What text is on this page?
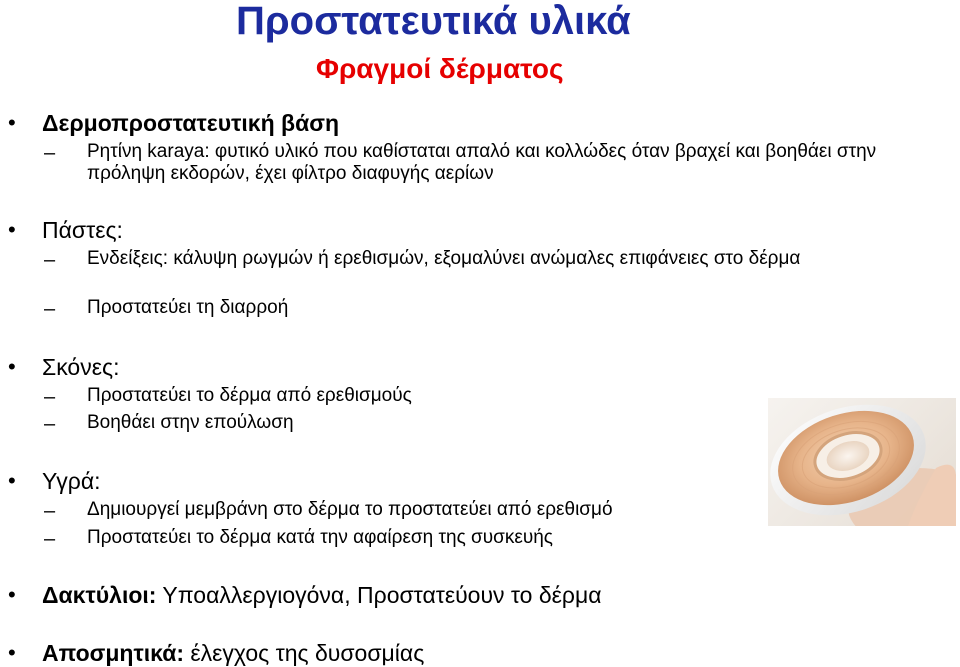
Προστατευτικά υλικά
Φραγμοί δέρματος
• Δερμοπροστατευτική βάση
– Ρητίνη karaya: φυτικό υλικό που καθίσταται απαλό και κολλώδες όταν βραχεί και βοηθάει στην πρόληψη εκδορών, έχει φίλτρο διαφυγής αερίων
• Πάστες:
– Ενδείξεις: κάλυψη ρωγμών ή ερεθισμών, εξομαλύνει ανώμαλες επιφάνειες στο δέρμα
– Προστατεύει τη διαρροή
• Σκόνες:
– Προστατεύει το δέρμα από ερεθισμούς
– Βοηθάει στην επούλωση
• Υγρά:
– Δημιουργεί μεμβράνη στο δέρμα το προστατεύει από ερεθισμό
– Προστατεύει το δέρμα κατά την αφαίρεση της συσκευής
• Δακτύλιοι: Υποαλλεργιογόνα, Προστατεύουν το δέρμα
• Αποσμητικά: έλεγχος της δυσοσμίας
